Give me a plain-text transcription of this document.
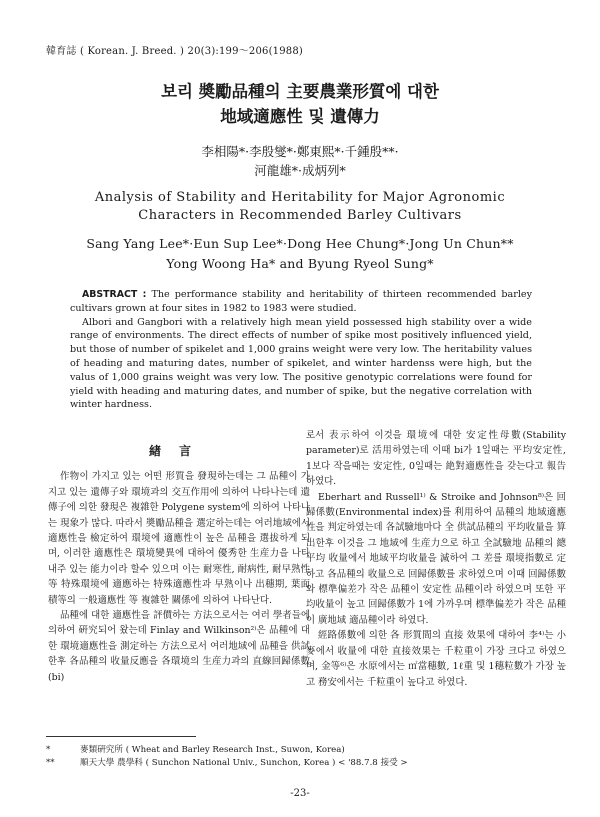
韓育誌 ( Korean. J. Breed. ) 20(3):199～206(1988)
보리 奬勵品種의 主要農業形質에 대한
地域適應性 및 遺傳力
李相陽*·李殷燮*·鄭東熙*·千鍾殷**·
河龍雄*·成炳列*
Analysis of Stability and Heritability for Major Agronomic
Characters in Recommended Barley Cultivars
Sang Yang Lee*·Eun Sup Lee*·Dong Hee Chung*·Jong Un Chun**
Yong Woong Ha* and Byung Ryeol Sung*

ABSTRACT : The performance stability and heritability of thirteen recommended barley cultivars grown at four sites in 1982 to 1983 were studied.

Albori and Gangbori with a relatively high mean yield possessed high stability over a wide range of environments. The direct effects of number of spike most positively influenced yield, but those of number of spikelet and 1,000 grains weight were very low. The heritability values of heading and maturing dates, number of spikelet, and winter hardenss were high, but the valus of 1,000 grains weight was very low. The positive genotypic correlations were found for yield with heading and maturing dates, and number of spike, but the negative correlation with winter hardness.

緖言

作物이 가지고 있는 어떤 形質을 發現하는데는 그 品種이 가지고 있는 遺傳子와 環境과의 交互作用에 의하여 나타나는데 遺傳子에 의한 發現은 複雜한 Polygene system에 의하여 나타나는 現象가 많다. 따라서 奬勵品種을 選定하는데는 여러地域에서 適應性을 檢定하여 環境에 適應性이 높은 品種을 選拔하게 되며, 이러한 適應性은 環境變異에 대하여 優秀한 生産力을 나타내주 있는 能力이라 할수 있으며 이는 耐寒性, 耐病性, 耐早熟性 等 特殊環境에 適應하는 特殊適應性과 早熟이나 出穗期, 葉面積等의 一般適應性 等 複雜한 關係에 의하여 나타난다.

品種에 대한 適應性을 評價하는 方法으로서는 여러 學者들에 의하여 硏究되어 왔는데 Finlay and Wilkinson²⁾은 品種에 대한 環境適應性을 測定하는 方法으로서 여러地域에 品種을 供試한후 各品種의 收量反應을 各環境의 生産力과의 直線回歸係數(bi)

로서 表示하여 이것을 環境에 대한 安定性母數(Stability parameter)로 活用하였는데 이때 bi가 1일때는 平均安定性, 1보다 작을때는 安定性, 0일때는 絶對適應性을 갖는다고 報告하였다.

Eberhart and Russell¹⁾ & Stroike and Johnson⁸⁾은 回歸係數(Environmental index)를 利用하여 品種의 地域適應性을 判定하였는데 各試驗地마다 全 供試品種의 平均收量을 算出한후 이것을 그 地域에 生産力으로 하고 全試驗地 品種의 總平均 收量에서 地域平均收量을 減하여 그 差를 環境指數로 定하고 各品種의 收量으로 回歸係數를 求하였으며 이때 回歸係數와 標準偏差가 작은 品種이 安定性 品種이라 하였으며 또한 平均收量이 높고 回歸係數가 1에 가까우며 標準偏差가 작은 品種이 廣地域 適品種이라 하였다.

經路係數에 의한 各 形質間의 直接 效果에 대하여 李⁴⁾는 小麥에서 收量에 대한 直接效果는 千粒重이 가장 크다고 하였으며, 金等⁶⁾은 水原에서는 ㎡當穗數, 1ℓ重 및 1穗粒數가 가장 높고 務安에서는 千粒重이 높다고 하였다.

*	麥類硏究所 ( Wheat and Barley Research Inst., Suwon, Korea)
**	順天大學 農學科 ( Sunchon National Univ., Sunchon, Korea ) < '88.7.8 接受 >
-23-
